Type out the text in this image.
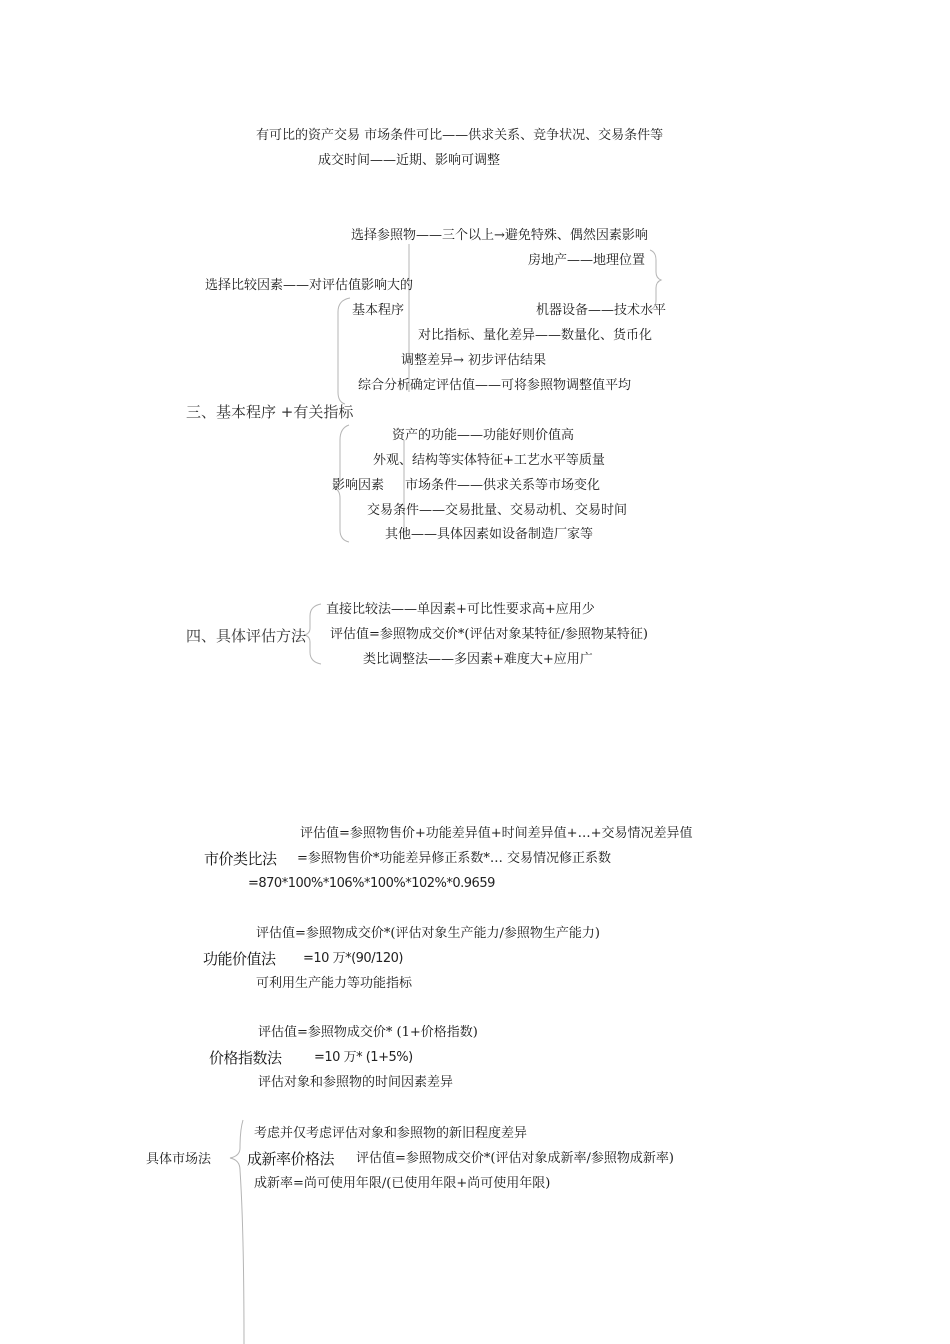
有可比的资产交易 市场条件可比——供求关系、竞争状况、交易条件等
成交时间——近期、影响可调整
选择参照物——三个以上→避免特殊、偶然因素影响
房地产——地理位置
选择比较因素——对评估值影响大的
基本程序	机器设备——技术水平
对比指标、量化差异——数量化、货币化
调整差异→ 初步评估结果
综合分析确定评估值——可将参照物调整值平均
三、基本程序 +有关指标
资产的功能——功能好则价值高
外观、结构等实体特征+工艺水平等质量
影响因素 市场条件——供求关系等市场变化
交易条件——交易批量、交易动机、交易时间
其他——具体因素如设备制造厂家等
直接比较法——单因素+可比性要求高+应用少
四、具体评估方法 评估值=参照物成交价*(评估对象某特征/参照物某特征)
类比调整法——多因素+难度大+应用广
评估值=参照物售价+功能差异值+时间差异值+…+交易情况差异值
市价类比法 =参照物售价*功能差异修正系数*… 交易情况修正系数
=870*100%*106%*100%*102%*0.9659
评估值=参照物成交价*(评估对象生产能力/参照物生产能力)
功能价值法 =10 万*(90/120)
可利用生产能力等功能指标
评估值=参照物成交价* (1+价格指数)
价格指数法 =10 万* (1+5%)
评估对象和参照物的时间因素差异
考虑并仅考虑评估对象和参照物的新旧程度差异
具体市场法 成新率价格法 评估值=参照物成交价*(评估对象成新率/参照物成新率)
成新率=尚可使用年限/(已使用年限+尚可使用年限)
